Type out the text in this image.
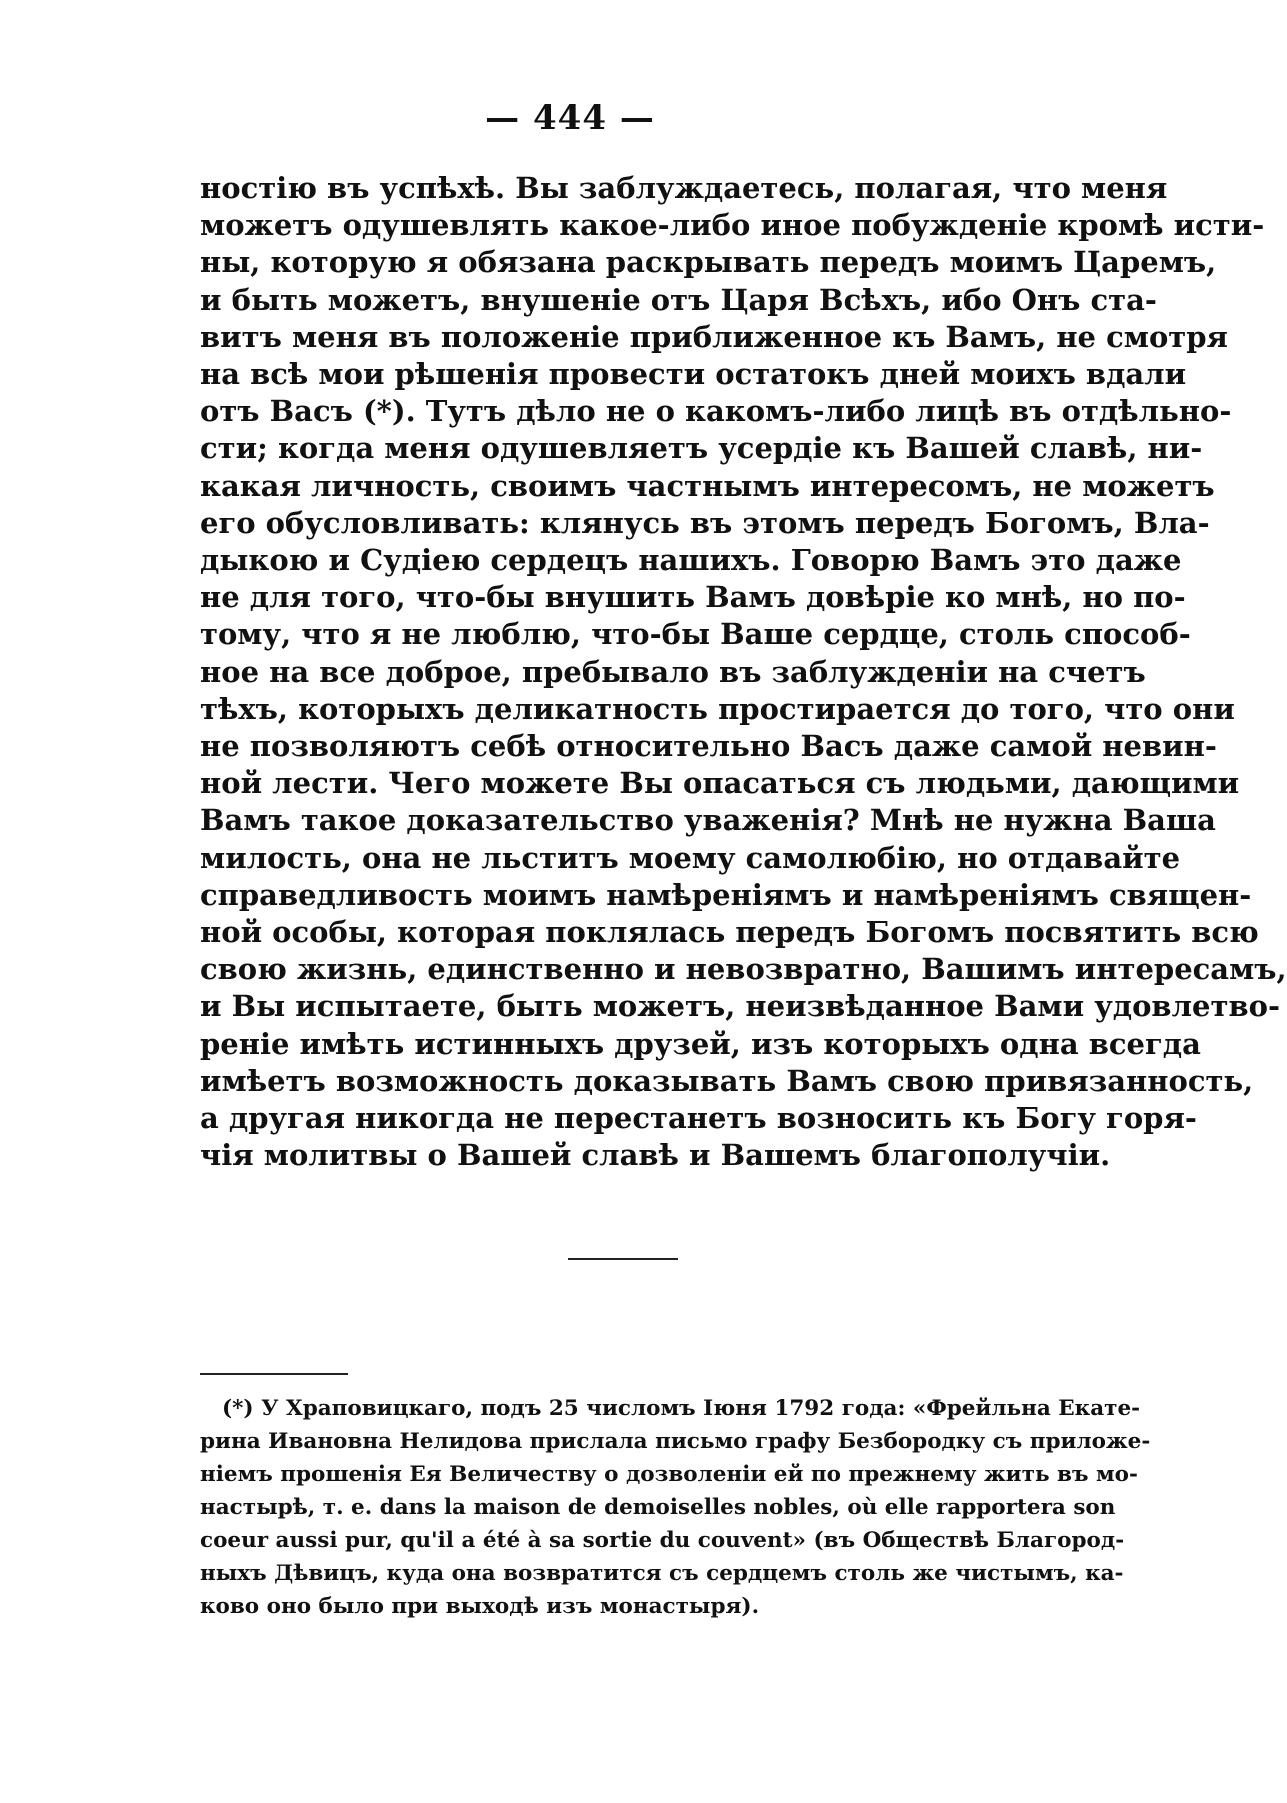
— 444 —
ностію въ успѣхѣ. Вы заблуждаетесь, полагая, что меня
можетъ одушевлять какое-либо иное побужденіе кромѣ исти-
ны, которую я обязана раскрывать передъ моимъ Царемъ,
и быть можетъ, внушеніе отъ Царя Всѣхъ, ибо Онъ ста-
витъ меня въ положеніе приближенное къ Вамъ, не смотря
на всѣ мои рѣшенія провести остатокъ дней моихъ вдали
отъ Васъ (*). Тутъ дѣло не о какомъ-либо лицѣ въ отдѣльно-
сти; когда меня одушевляетъ усердіе къ Вашей славѣ, ни-
какая личность, своимъ частнымъ интересомъ, не можетъ
его обусловливать: клянусь въ этомъ передъ Богомъ, Вла-
дыкою и Судіею сердецъ нашихъ. Говорю Вамъ это даже
не для того, что-бы внушить Вамъ довѣріе ко мнѣ, но по-
тому, что я не люблю, что-бы Ваше сердце, столь способ-
ное на все доброе, пребывало въ заблужденіи на счетъ
тѣхъ, которыхъ деликатность простирается до того, что они
не позволяютъ себѣ относительно Васъ даже самой невин-
ной лести. Чего можете Вы опасаться съ людьми, дающими
Вамъ такое доказательство уваженія? Мнѣ не нужна Ваша
милость, она не льститъ моему самолюбію, но отдавайте
справедливость моимъ намѣреніямъ и намѣреніямъ священ-
ной особы, которая поклялась передъ Богомъ посвятить всю
свою жизнь, единственно и невозвратно, Вашимъ интересамъ,
и Вы испытаете, быть можетъ, неизвѣданное Вами удовлетво-
реніе имѣть истинныхъ друзей, изъ которыхъ одна всегда
имѣетъ возможность доказывать Вамъ свою привязанность,
а другая никогда не перестанетъ возносить къ Богу горя-
чія молитвы о Вашей славѣ и Вашемъ благополучіи.
(*) У Храповицкаго, подъ 25 числомъ Іюня 1792 года: «Фрейльна Екате-
рина Ивановна Нелидова прислала письмо графу Безбородку съ приложе-
ніемъ прошенія Ея Величеству о дозволеніи ей по прежнему жить въ мо-
настырѣ, т. е. dans la maison de demoiselles nobles, où elle rapportera son
coeur aussi pur, qu'il a été à sa sortie du couvent» (въ Обществѣ Благород-
ныхъ Дѣвицъ, куда она возвратится съ сердцемъ столь же чистымъ, ка-
ково оно было при выходѣ изъ монастыря).
